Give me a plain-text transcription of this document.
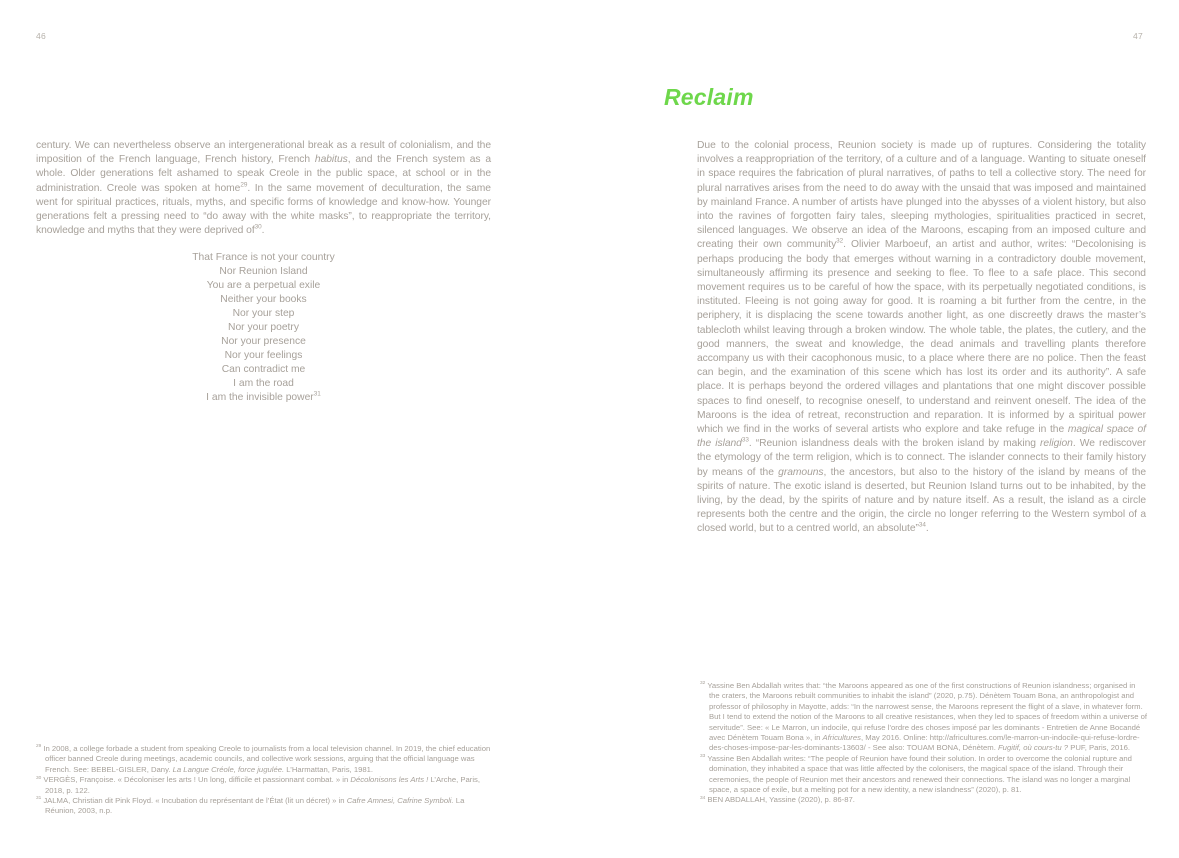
46
century. We can nevertheless observe an intergenerational break as a result of colonialism, and the imposition of the French language, French history, French habitus, and the French system as a whole. Older generations felt ashamed to speak Creole in the public space, at school or in the administration. Creole was spoken at home$^{29}$. In the same movement of deculturation, the same went for spiritual practices, rituals, myths, and specific forms of knowledge and know-how. Younger generations felt a pressing need to “do away with the white masks”, to reappropriate the territory, knowledge and myths that they were deprived $of^{30}$.
That France is not your country
Nor Reunion Island
You are a perpetual exile
Neither your books
Nor your step
Nor your poetry
Nor your presence
Nor your feelings
Can contradict me
I am the road
I am the invisible power$^{31}$
$^{29}$ In 2008, a college forbade a student from speaking Creole to journalists from a local television channel. In 2019, the chief education officer banned Creole during meetings, academic councils, and collective work sessions, arguing that the official language was French. See: BEBEL-GISLER, Dany. La Langue Créole, force jugulée. L’Harmattan, Paris, 1981.
$^{30}$ VERGÈS, Françoise. « Décoloniser les arts ! Un long, difficile et passionnant combat. » in Décolonisons les Arts ! L’Arche, Paris, 2018, p. 122.
$^{31}$ JALMA, Christian dit Pink Floyd. « Incubation du représentant de l’État (lit un décret) » in Cafre Amnesi, Cafrine Symboli. La Réunion, 2003, n.p.
47
Reclaim
Due to the colonial process, Reunion society is made up of ruptures. Considering the totality involves a reappropriation of the territory, of a culture and of a language. Wanting to situate oneself in space requires the fabrication of plural narratives, of paths to tell a collective story. The need for plural narratives arises from the need to do away with the unsaid that was imposed and maintained by mainland France. A number of artists have plunged into the abysses of a violent history, but also into the ravines of forgotten fairy tales, sleeping mythologies, spiritualities practiced in secret, silenced languages. We observe an idea of the Maroons, escaping from an imposed culture and creating their own community$^{32}$. Olivier Marboeuf, an artist and author, writes: “Decolonising is perhaps producing the body that emerges without warning in a contradictory double movement, simultaneously affirming its presence and seeking to flee. To flee to a safe place. This second movement requires us to be careful of how the space, with its perpetually negotiated conditions, is instituted. Fleeing is not going away for good. It is roaming a bit further from the centre, in the periphery, it is displacing the scene towards another light, as one discreetly draws the master’s tablecloth whilst leaving through a broken window. The whole table, the plates, the cutlery, and the good manners, the sweat and knowledge, the dead animals and travelling plants therefore accompany us with their cacophonous music, to a place where there are no police. Then the feast can begin, and the examination of this scene which has lost its order and its authority”. A safe place. It is perhaps beyond the ordered villages and plantations that one might discover possible spaces to find oneself, to recognise oneself, to understand and reinvent oneself. The idea of the Maroons is the idea of retreat, reconstruction and reparation. It is informed by a spiritual power which we find in the works of several artists who explore and take refuge in the magical space of the island$^{33}$. “Reunion islandness deals with the broken island by making religion. We rediscover the etymology of the term religion, which is to connect. The islander connects to their family history by means of the gramouns, the ancestors, but also to the history of the island by means of the spirits of nature. The exotic island is deserted, but Reunion Island turns out to be inhabited, by the living, by the dead, by the spirits of nature and by nature itself. As a result, the island as a circle represents both the centre and the origin, the circle no longer referring to the Western symbol of a closed world, but to a centred world, an absolute”$^{34}$.
$^{32}$ Yassine Ben Abdallah writes that: “the Maroons appeared as one of the first constructions of Reunion islandness; organised in the craters, the Maroons rebuilt communities to inhabit the island” (2020, p.75). Dénètem Touam Bona, an anthropologist and professor of philosophy in Mayotte, adds: “In the narrowest sense, the Maroons represent the flight of a slave, in whatever form. But I tend to extend the notion of the Maroons to all creative resistances, when they led to spaces of freedom within a universe of servitude”. See: « Le Marron, un indocile, qui refuse l’ordre des choses imposé par les dominants - Entretien de Anne Bocandé avec Dénètem Touam Bona », in Africultures, May 2016. Online: http://africultures.com/le-marron-un-indocile-qui-refuse-lordre-des-choses-impose-par-les-dominants-13603/ - See also: TOUAM BONA, Dénètem. Fugitif, où cours-tu ? PUF, Paris, 2016.
$^{33}$ Yassine Ben Abdallah writes: “The people of Reunion have found their solution. In order to overcome the colonial rupture and domination, they inhabited a space that was little affected by the colonisers, the magical space of the island. Through their ceremonies, the people of Reunion met their ancestors and renewed their connections. The island was no longer a marginal space, a space of exile, but a melting pot for a new identity, a new islandness” (2020), p. 81.
$^{34}$ BEN ABDALLAH, Yassine (2020), p. 86-87.
